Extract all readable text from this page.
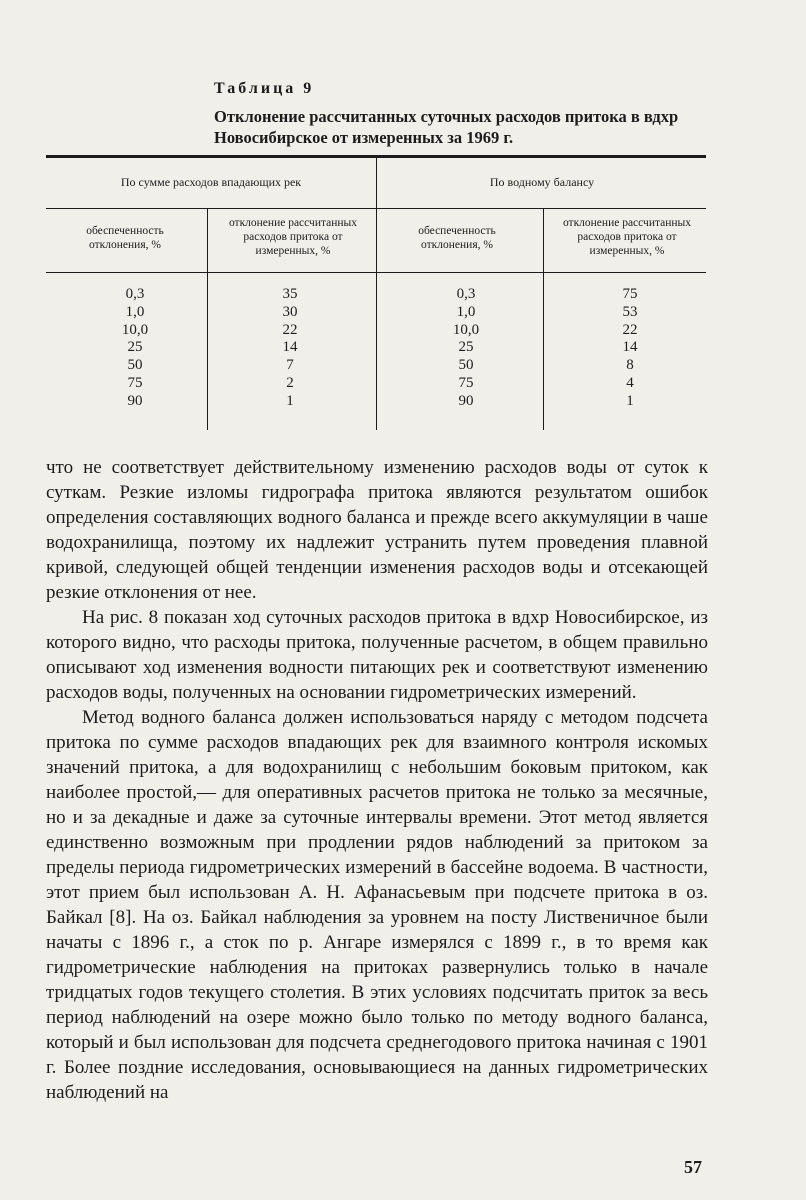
Таблица 9
Отклонение рассчитанных суточных расходов притока в вдхр Новосибирское от измеренных за 1969 г.
По сумме расходов впадающих рек	По водному балансу
обеспеченность отклонения, %
отклонение рассчитанных расходов притока от измеренных, %
обеспеченность отклонения, %
отклонение рассчитанных расходов притока от измеренных, %
0,3
1,0
10,0
25
50
75
90
35
30
22
14
7
2
1
0,3
1,0
10,0
25
50
75
90
75
53
22
14
8
4
1

что не соответствует действительному изменению расходов воды от суток к суткам. Резкие изломы гидрографа притока являются результатом ошибок определения составляющих водного баланса и прежде всего аккумуляции в чаше водохранилища, поэтому их надлежит устранить путем проведения плавной кривой, следующей общей тенденции изменения расходов воды и отсекающей резкие отклонения от нее.

На рис. 8 показан ход суточных расходов притока в вдхр Новосибирское, из которого видно, что расходы притока, полученные расчетом, в общем правильно описывают ход изменения водности питающих рек и соответствуют изменению расходов воды, полученных на основании гидрометрических измерений.

Метод водного баланса должен использоваться наряду с методом подсчета притока по сумме расходов впадающих рек для взаимного контроля искомых значений притока, а для водохранилищ с небольшим боковым притоком, как наиболее простой,— для оперативных расчетов притока не только за месячные, но и за декадные и даже за суточные интервалы времени. Этот метод является единственно возможным при продлении рядов наблюдений за притоком за пределы периода гидрометрических измерений в бассейне водоема. В частности, этот прием был использован А. Н. Афанасьевым при подсчете притока в оз. Байкал [8]. На оз. Байкал наблюдения за уровнем на посту Лиственичное были начаты с 1896 г., а сток по р. Ангаре измерялся с 1899 г., в то время как гидрометрические наблюдения на притоках развернулись только в начале тридцатых годов текущего столетия. В этих условиях подсчитать приток за весь период наблюдений на озере можно было только по методу водного баланса, который и был использован для подсчета среднегодового притока начиная с 1901 г. Более поздние исследования, основывающиеся на данных гидрометрических наблюдений на

57
